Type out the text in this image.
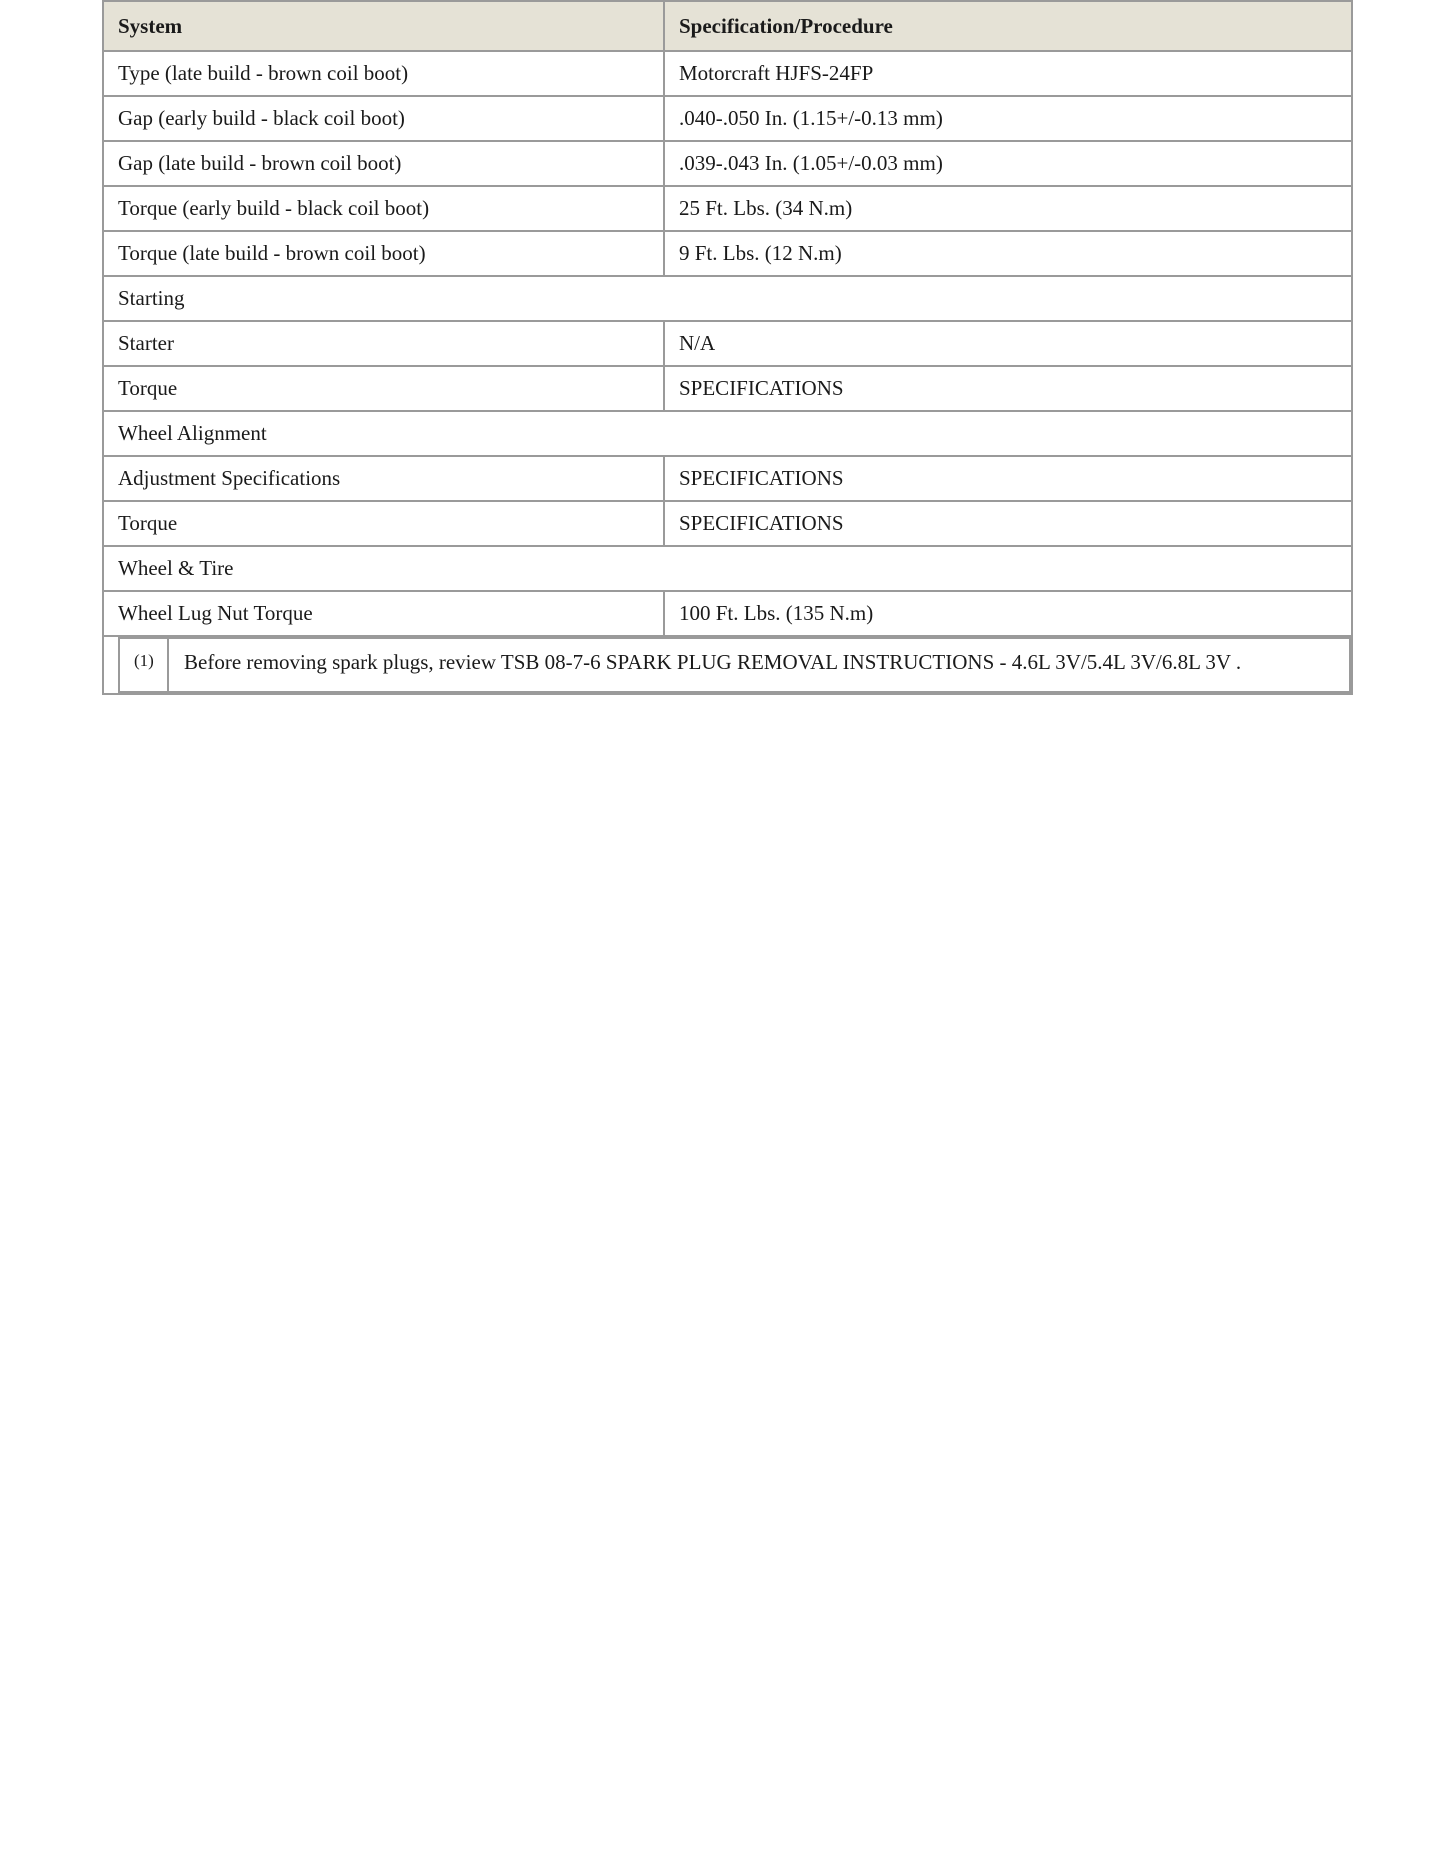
System	Specification/Procedure
Type (late build - brown coil boot)	Motorcraft HJFS-24FP
Gap (early build - black coil boot)	.040-.050 In. (1.15+/-0.13 mm)
Gap (late build - brown coil boot)	.039-.043 In. (1.05+/-0.03 mm)
Torque (early build - black coil boot)	25 Ft. Lbs. (34 N.m)
Torque (late build - brown coil boot)	9 Ft. Lbs. (12 N.m)
Starting
Starter	N/A
Torque	SPECIFICATIONS
Wheel Alignment
Adjustment Specifications	SPECIFICATIONS
Torque	SPECIFICATIONS
Wheel & Tire
Wheel Lug Nut Torque	100 Ft. Lbs. (135 N.m)

(1)	Before removing spark plugs, review TSB 08-7-6 SPARK PLUG REMOVAL INSTRUCTIONS - 4.6L 3V/5.4L 3V/6.8L 3V .
